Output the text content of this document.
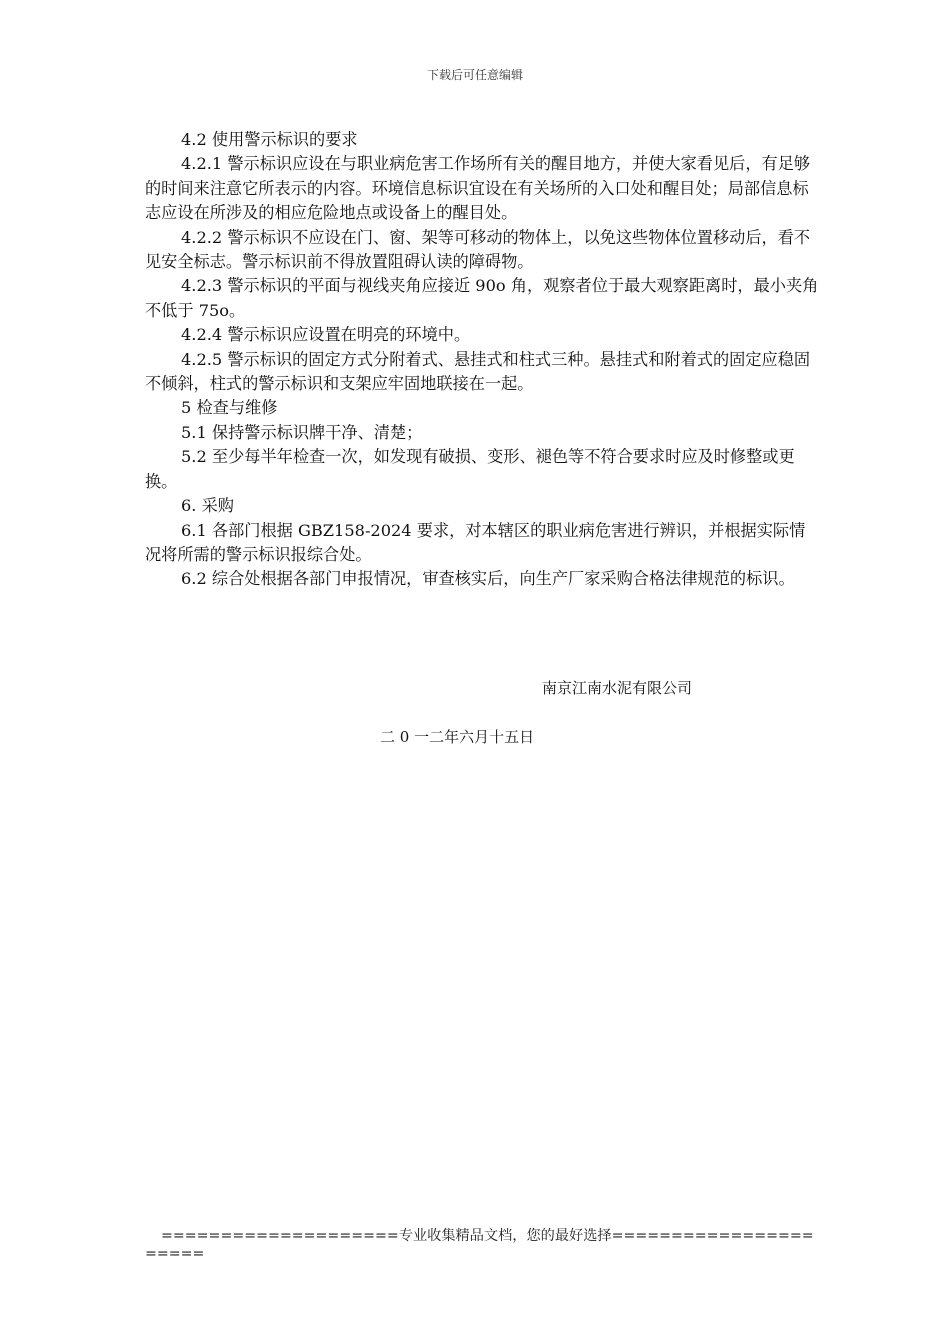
下载后可任意编辑

4.2 使用警示标识的要求

4.2.1 警示标识应设在与职业病危害工作场所有关的醒目地方，并使大家看见后，有足够的时间来注意它所表示的内容。环境信息标识宜设在有关场所的入口处和醒目处；局部信息标志应设在所涉及的相应危险地点或设备上的醒目处。

4.2.2 警示标识不应设在门、窗、架等可移动的物体上，以免这些物体位置移动后，看不见安全标志。警示标识前不得放置阻碍认读的障碍物。

4.2.3 警示标识的平面与视线夹角应接近 90o 角，观察者位于最大观察距离时，最小夹角不低于 75o。

4.2.4 警示标识应设置在明亮的环境中。

4.2.5 警示标识的固定方式分附着式、悬挂式和柱式三种。悬挂式和附着式的固定应稳固不倾斜，柱式的警示标识和支架应牢固地联接在一起。

5 检查与维修

5.1 保持警示标识牌干净、清楚；

5.2 至少每半年检查一次，如发现有破损、变形、褪色等不符合要求时应及时修整或更换。

6. 采购

6.1 各部门根据 GBZ158-2024 要求，对本辖区的职业病危害进行辨识，并根据实际情况将所需的警示标识报综合处。

6.2 综合处根据各部门申报情况，审查核实后，向生产厂家采购合格法律规范的标识。

南京江南水泥有限公司
二 0 一二年六月十五日
====================专业收集精品文档，您的最好选择======================
